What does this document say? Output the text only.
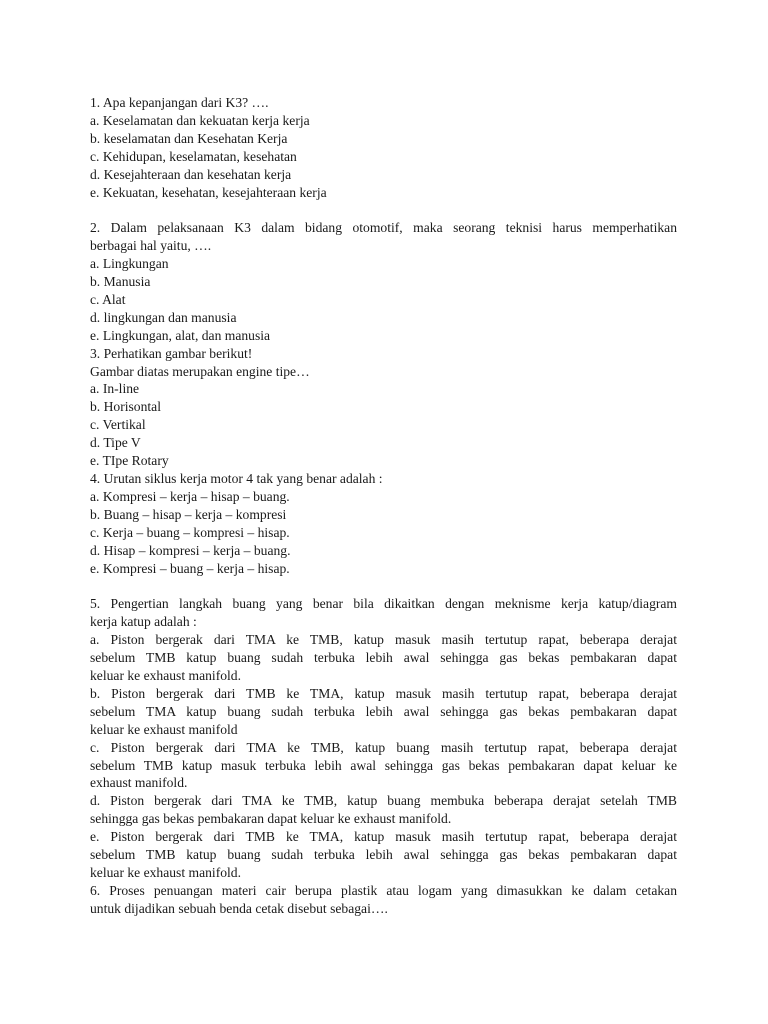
1. Apa kepanjangan dari K3? ….
a. Keselamatan dan kekuatan kerja kerja
b. keselamatan dan Kesehatan Kerja
c. Kehidupan, keselamatan, kesehatan
d. Kesejahteraan dan kesehatan kerja
e. Kekuatan, kesehatan, kesejahteraan kerja
2. Dalam pelaksanaan K3 dalam bidang otomotif, maka seorang teknisi harus memperhatikan
berbagai hal yaitu, ….
a. Lingkungan
b. Manusia
c. Alat
d. lingkungan dan manusia
e. Lingkungan, alat, dan manusia
3. Perhatikan gambar berikut!
Gambar diatas merupakan engine tipe…
a. In-line
b. Horisontal
c. Vertikal
d. Tipe V
e. TIpe Rotary
4. Urutan siklus kerja motor 4 tak yang benar adalah :
a. Kompresi – kerja – hisap – buang.
b. Buang – hisap – kerja – kompresi
c. Kerja – buang – kompresi – hisap.
d. Hisap – kompresi – kerja – buang.
e. Kompresi – buang – kerja – hisap.
5. Pengertian langkah buang yang benar bila dikaitkan dengan meknisme kerja katup/diagram
kerja katup adalah :
a. Piston bergerak dari TMA ke TMB, katup masuk masih tertutup rapat, beberapa derajat
sebelum TMB katup buang sudah terbuka lebih awal sehingga gas bekas pembakaran dapat
keluar ke exhaust manifold.
b. Piston bergerak dari TMB ke TMA, katup masuk masih tertutup rapat, beberapa derajat
sebelum TMA katup buang sudah terbuka lebih awal sehingga gas bekas pembakaran dapat
keluar ke exhaust manifold
c. Piston bergerak dari TMA ke TMB, katup buang masih tertutup rapat, beberapa derajat
sebelum TMB katup masuk terbuka lebih awal sehingga gas bekas pembakaran dapat keluar ke
exhaust manifold.
d. Piston bergerak dari TMA ke TMB, katup buang membuka beberapa derajat setelah TMB
sehingga gas bekas pembakaran dapat keluar ke exhaust manifold.
e. Piston bergerak dari TMB ke TMA, katup masuk masih tertutup rapat, beberapa derajat
sebelum TMB katup buang sudah terbuka lebih awal sehingga gas bekas pembakaran dapat
keluar ke exhaust manifold.
6. Proses penuangan materi cair berupa plastik atau logam yang dimasukkan ke dalam cetakan
untuk dijadikan sebuah benda cetak disebut sebagai….
